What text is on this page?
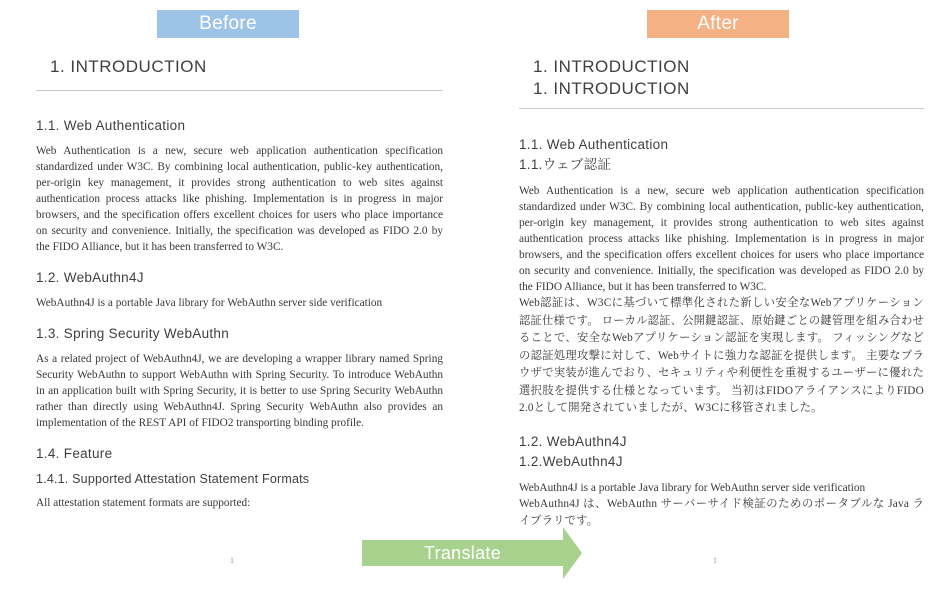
Before	After
1. INTRODUCTION
1.1. Web Authentication

Web Authentication is a new, secure web application authentication specification standardized under W3C. By combining local authentication, public-key authentication, per-origin key management, it provides strong authentication to web sites against authentication process attacks like phishing. Implementation is in progress in major browsers, and the specification offers excellent choices for users who place importance on security and convenience. Initially, the specification was developed as FIDO 2.0 by the FIDO Alliance, but it has been transferred to W3C.

1.2. WebAuthn4J

WebAuthn4J is a portable Java library for WebAuthn server side verification

1.3. Spring Security WebAuthn

As a related project of WebAuthn4J, we are developing a wrapper library named Spring Security WebAuthn to support WebAuthn with Spring Security. To introduce WebAuthn in an application built with Spring Security, it is better to use Spring Security WebAuthn rather than directly using WebAuthn4J. Spring Security WebAuthn also provides an implementation of the REST API of FIDO2 transporting binding profile.

1.4. Feature
1.4.1. Supported Attestation Statement Formats

All attestation statement formats are supported:

1
1. INTRODUCTION
1. INTRODUCTION
1.1. Web Authentication
1.1.ウェブ認証

Web Authentication is a new, secure web application authentication specification standardized under W3C. By combining local authentication, public-key authentication, per-origin key management, it provides strong authentication to web sites against authentication process attacks like phishing. Implementation is in progress in major browsers, and the specification offers excellent choices for users who place importance on security and convenience. Initially, the specification was developed as FIDO 2.0 by the FIDO Alliance, but it has been transferred to W3C.

Web認証は、W3Cに基づいて標準化された新しい安全なWebアプリケーション認証仕様です。 ローカル認証、公開鍵認証、原始鍵ごとの鍵管理を組み合わせることで、安全なWebアプリケーション認証を実現します。 フィッシングなどの認証処理攻撃に対して、Webサイトに強力な認証を提供します。 主要なブラウザで実装が進んでおり、セキュリティや利便性を重視するユーザーに優れた選択肢を提供する仕様となっています。 当初はFIDOアライアンスによりFIDO 2.0として開発されていましたが、W3Cに移管されました。

1.2. WebAuthn4J
1.2.WebAuthn4J

WebAuthn4J is a portable Java library for WebAuthn server side verification

WebAuthn4J は、WebAuthn サーバーサイド検証のためのポータブルな Java ライブラリです。

1
Translate
